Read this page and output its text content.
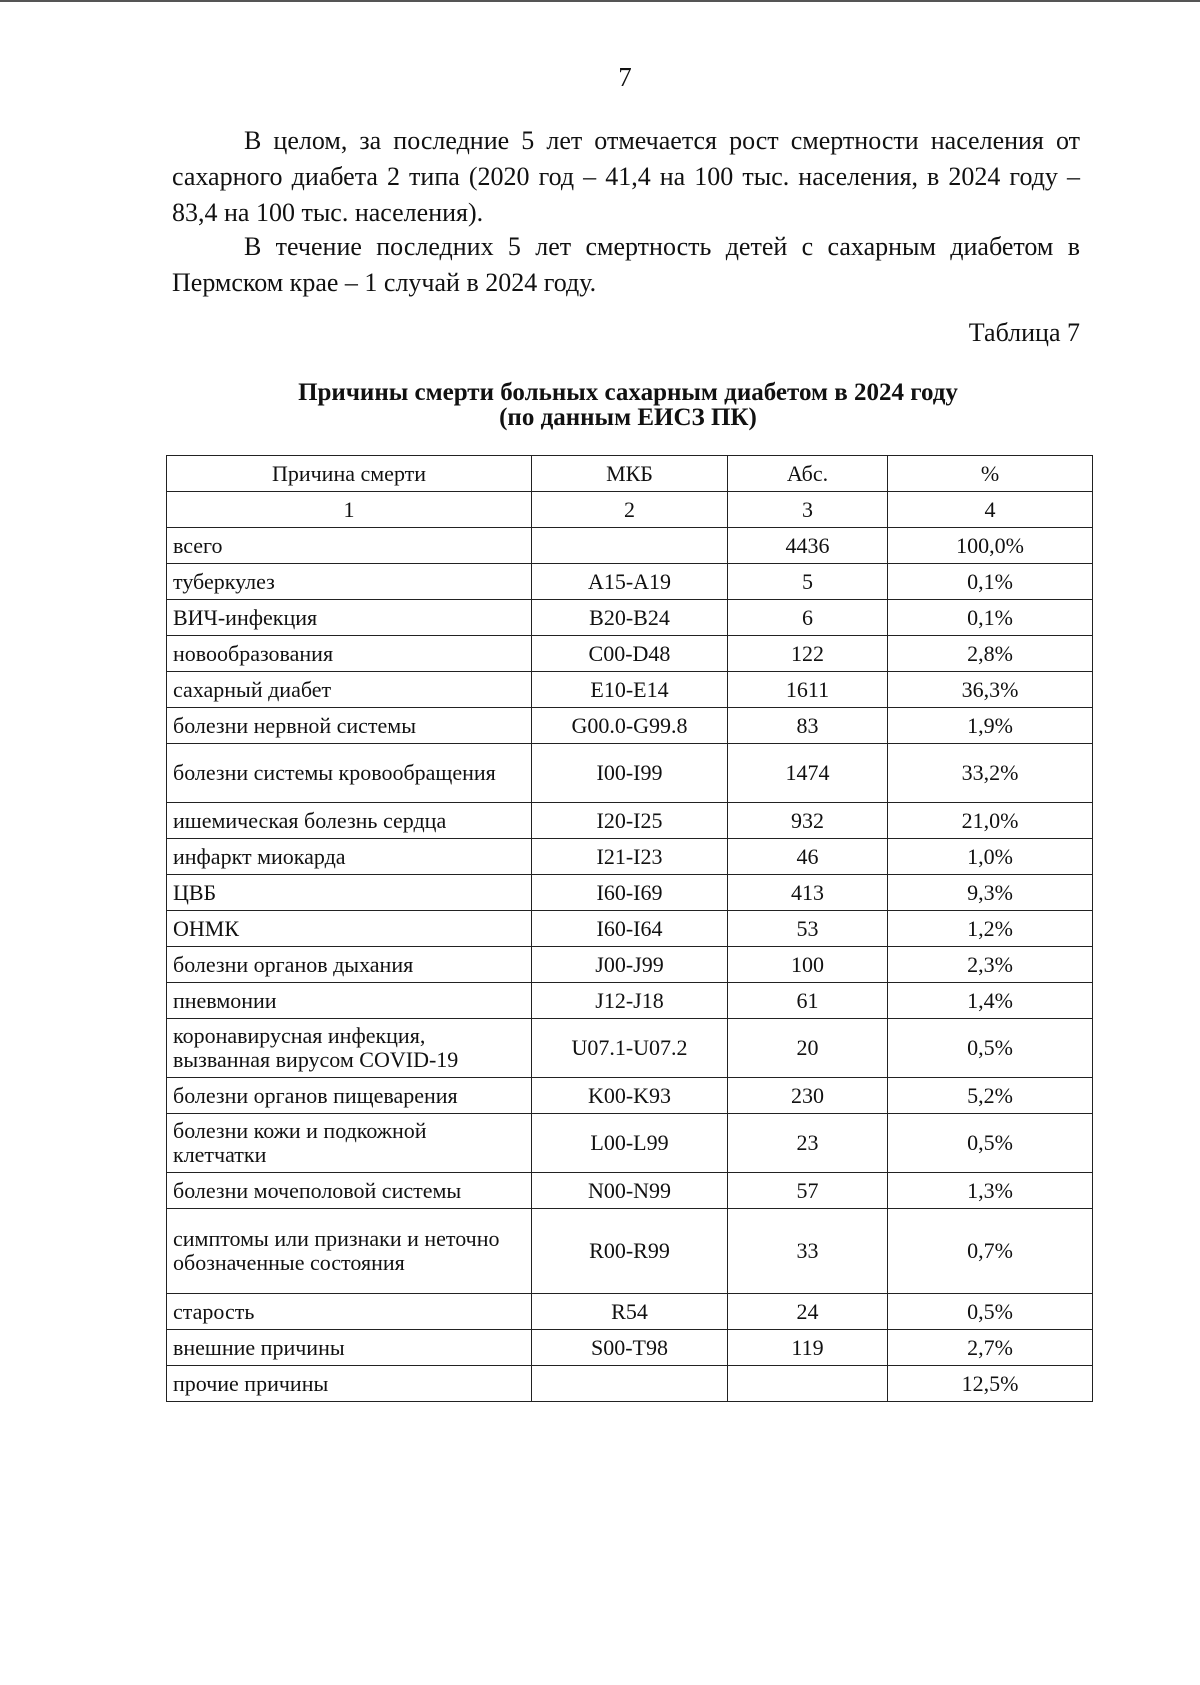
7
В целом, за последние 5 лет отмечается рост смертности населения от сахарного диабета 2 типа (2020 год – 41,4 на 100 тыс. населения, в 2024 году – 83,4 на 100 тыс. населения).
В течение последних 5 лет смертность детей с сахарным диабетом в Пермском крае – 1 случай в 2024 году.
Таблица 7
Причины смерти больных сахарным диабетом в 2024 году
(по данным ЕИСЗ ПК)
Причина смерти	МКБ	Абс.	%
1	2	3	4
всего		4436	100,0%
туберкулез	A15-A19	5	0,1%
ВИЧ-инфекция	B20-B24	6	0,1%
новообразования	C00-D48	122	2,8%
сахарный диабет	E10-E14	1611	36,3%
болезни нервной системы	G00.0-G99.8	83	1,9%
болезни системы кровообращения	I00-I99	1474	33,2%
ишемическая болезнь сердца	I20-I25	932	21,0%
инфаркт миокарда	I21-I23	46	1,0%
ЦВБ	I60-I69	413	9,3%
ОНМК	I60-I64	53	1,2%
болезни органов дыхания	J00-J99	100	2,3%
пневмонии	J12-J18	61	1,4%
коронавирусная инфекция, вызванная вирусом COVID-19	U07.1-U07.2	20	0,5%
болезни органов пищеварения	K00-K93	230	5,2%
болезни кожи и подкожной клетчатки	L00-L99	23	0,5%
болезни мочеполовой системы	N00-N99	57	1,3%
симптомы или признаки и неточно обозначенные состояния	R00-R99	33	0,7%
старость	R54	24	0,5%
внешние причины	S00-T98	119	2,7%
прочие причины			12,5%
